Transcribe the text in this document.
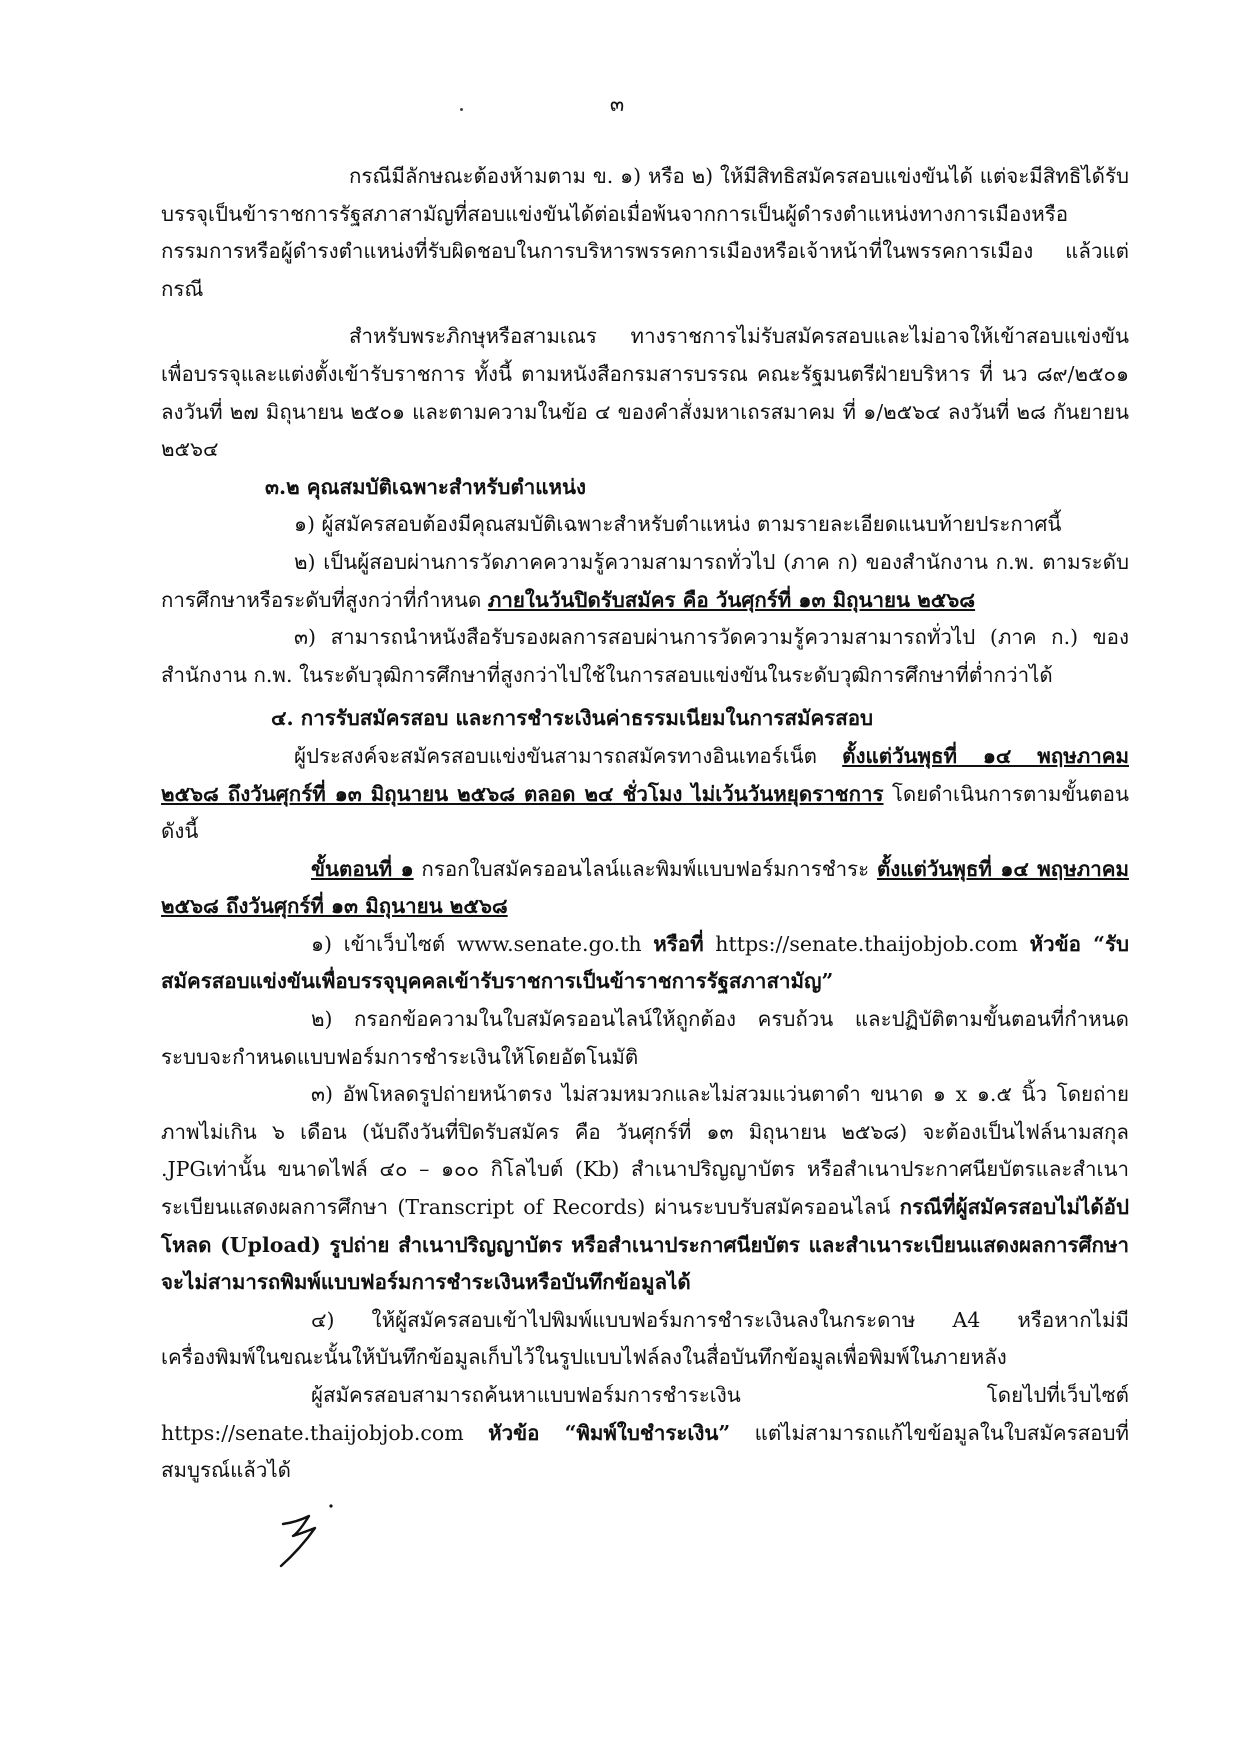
๓

กรณีมีลักษณะต้องห้ามตาม ข. ๑) หรือ ๒) ให้มีสิทธิสมัครสอบแข่งขันได้ แต่จะมีสิทธิได้รับบรรจุเป็นข้าราชการรัฐสภาสามัญที่สอบแข่งขันได้ต่อเมื่อพ้นจากการเป็นผู้ดำรงตำแหน่งทางการเมืองหรือกรรมการหรือผู้ดำรงตำแหน่งที่รับผิดชอบในการบริหารพรรคการเมืองหรือเจ้าหน้าที่ในพรรคการเมือง แล้วแต่กรณี

สำหรับพระภิกษุหรือสามเณร ทางราชการไม่รับสมัครสอบและไม่อาจให้เข้าสอบแข่งขันเพื่อบรรจุและแต่งตั้งเข้ารับราชการ ทั้งนี้ ตามหนังสือกรมสารบรรณ คณะรัฐมนตรีฝ่ายบริหาร ที่ นว ๘๙/๒๕๐๑ ลงวันที่ ๒๗ มิถุนายน ๒๕๐๑ และตามความในข้อ ๔ ของคำสั่งมหาเถรสมาคม ที่ ๑/๒๕๖๔ ลงวันที่ ๒๘ กันยายน ๒๕๖๔

๓.๒ คุณสมบัติเฉพาะสำหรับตำแหน่ง

๑) ผู้สมัครสอบต้องมีคุณสมบัติเฉพาะสำหรับตำแหน่ง ตามรายละเอียดแนบท้ายประกาศนี้

๒) เป็นผู้สอบผ่านการวัดภาคความรู้ความสามารถทั่วไป (ภาค ก) ของสำนักงาน ก.พ. ตามระดับการศึกษาหรือระดับที่สูงกว่าที่กำหนด ภายในวันปิดรับสมัคร คือ วันศุกร์ที่ ๑๓ มิถุนายน ๒๕๖๘

๓) สามารถนำหนังสือรับรองผลการสอบผ่านการวัดความรู้ความสามารถทั่วไป (ภาค ก.) ของสำนักงาน ก.พ. ในระดับวุฒิการศึกษาที่สูงกว่าไปใช้ในการสอบแข่งขันในระดับวุฒิการศึกษาที่ต่ำกว่าได้

๔. การรับสมัครสอบ และการชำระเงินค่าธรรมเนียมในการสมัครสอบ

ผู้ประสงค์จะสมัครสอบแข่งขันสามารถสมัครทางอินเทอร์เน็ต ตั้งแต่วันพุธที่ ๑๔ พฤษภาคม ๒๕๖๘ ถึงวันศุกร์ที่ ๑๓ มิถุนายน ๒๕๖๘ ตลอด ๒๔ ชั่วโมง ไม่เว้นวันหยุดราชการ โดยดำเนินการตามขั้นตอน ดังนี้

ขั้นตอนที่ ๑ กรอกใบสมัครออนไลน์และพิมพ์แบบฟอร์มการชำระ ตั้งแต่วันพุธที่ ๑๔ พฤษภาคม ๒๕๖๘ ถึงวันศุกร์ที่ ๑๓ มิถุนายน ๒๕๖๘

๑) เข้าเว็บไซต์ www.senate.go.th หรือที่ https://senate.thaijobjob.com หัวข้อ “รับสมัครสอบแข่งขันเพื่อบรรจุบุคคลเข้ารับราชการเป็นข้าราชการรัฐสภาสามัญ”

๒) กรอกข้อความในใบสมัครออนไลน์ให้ถูกต้อง ครบถ้วน และปฏิบัติตามขั้นตอนที่กำหนด ระบบจะกำหนดแบบฟอร์มการชำระเงินให้โดยอัตโนมัติ

๓) อัพโหลดรูปถ่ายหน้าตรง ไม่สวมหมวกและไม่สวมแว่นตาดำ ขนาด ๑ x ๑.๕ นิ้ว โดยถ่ายภาพไม่เกิน ๖ เดือน (นับถึงวันที่ปิดรับสมัคร คือ วันศุกร์ที่ ๑๓ มิถุนายน ๒๕๖๘) จะต้องเป็นไฟล์นามสกุล .JPGเท่านั้น ขนาดไฟล์ ๔๐ – ๑๐๐ กิโลไบต์ (Kb) สำเนาปริญญาบัตร หรือสำเนาประกาศนียบัตรและสำเนาระเบียนแสดงผลการศึกษา (Transcript of Records) ผ่านระบบรับสมัครออนไลน์ กรณีที่ผู้สมัครสอบไม่ได้อัปโหลด (Upload) รูปถ่าย สำเนาปริญญาบัตร หรือสำเนาประกาศนียบัตร และสำเนาระเบียนแสดงผลการศึกษา จะไม่สามารถพิมพ์แบบฟอร์มการชำระเงินหรือบันทึกข้อมูลได้

๔) ให้ผู้สมัครสอบเข้าไปพิมพ์แบบฟอร์มการชำระเงินลงในกระดาษ A4 หรือหากไม่มีเครื่องพิมพ์ในขณะนั้นให้บันทึกข้อมูลเก็บไว้ในรูปแบบไฟล์ลงในสื่อบันทึกข้อมูลเพื่อพิมพ์ในภายหลัง

ผู้สมัครสอบสามารถค้นหาแบบฟอร์มการชำระเงิน โดยไปที่เว็บไซต์ https://senate.thaijobjob.com หัวข้อ “พิมพ์ใบชำระเงิน” แต่ไม่สามารถแก้ไขข้อมูลในใบสมัครสอบที่สมบูรณ์แล้วได้
